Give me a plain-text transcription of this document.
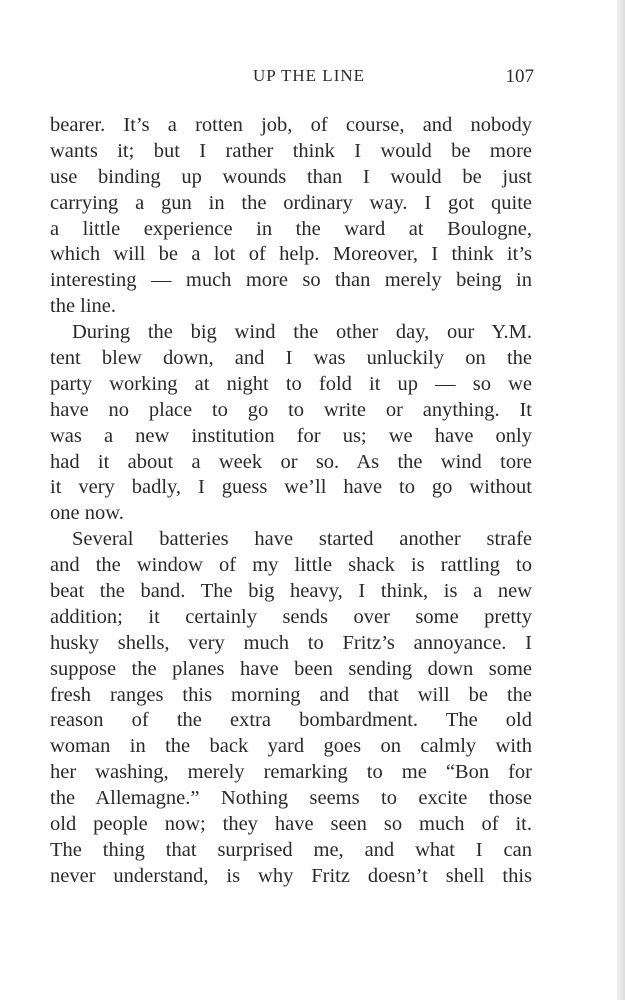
UP THE LINE	107
bearer. It’s a rotten job, of course, and nobody
wants it; but I rather think I would be more
use binding up wounds than I would be just
carrying a gun in the ordinary way. I got quite
a little experience in the ward at Boulogne,
which will be a lot of help. Moreover, I think it’s
interesting — much more so than merely being in
the line.
During the big wind the other day, our Y.M.
tent blew down, and I was unluckily on the
party working at night to fold it up — so we
have no place to go to write or anything. It
was a new institution for us; we have only
had it about a week or so. As the wind tore
it very badly, I guess we’ll have to go without
one now.
Several batteries have started another strafe
and the window of my little shack is rattling to
beat the band. The big heavy, I think, is a new
addition; it certainly sends over some pretty
husky shells, very much to Fritz’s annoyance. I
suppose the planes have been sending down some
fresh ranges this morning and that will be the
reason of the extra bombardment. The old
woman in the back yard goes on calmly with
her washing, merely remarking to me “Bon for
the Allemagne.” Nothing seems to excite those
old people now; they have seen so much of it.
The thing that surprised me, and what I can
never understand, is why Fritz doesn’t shell this
